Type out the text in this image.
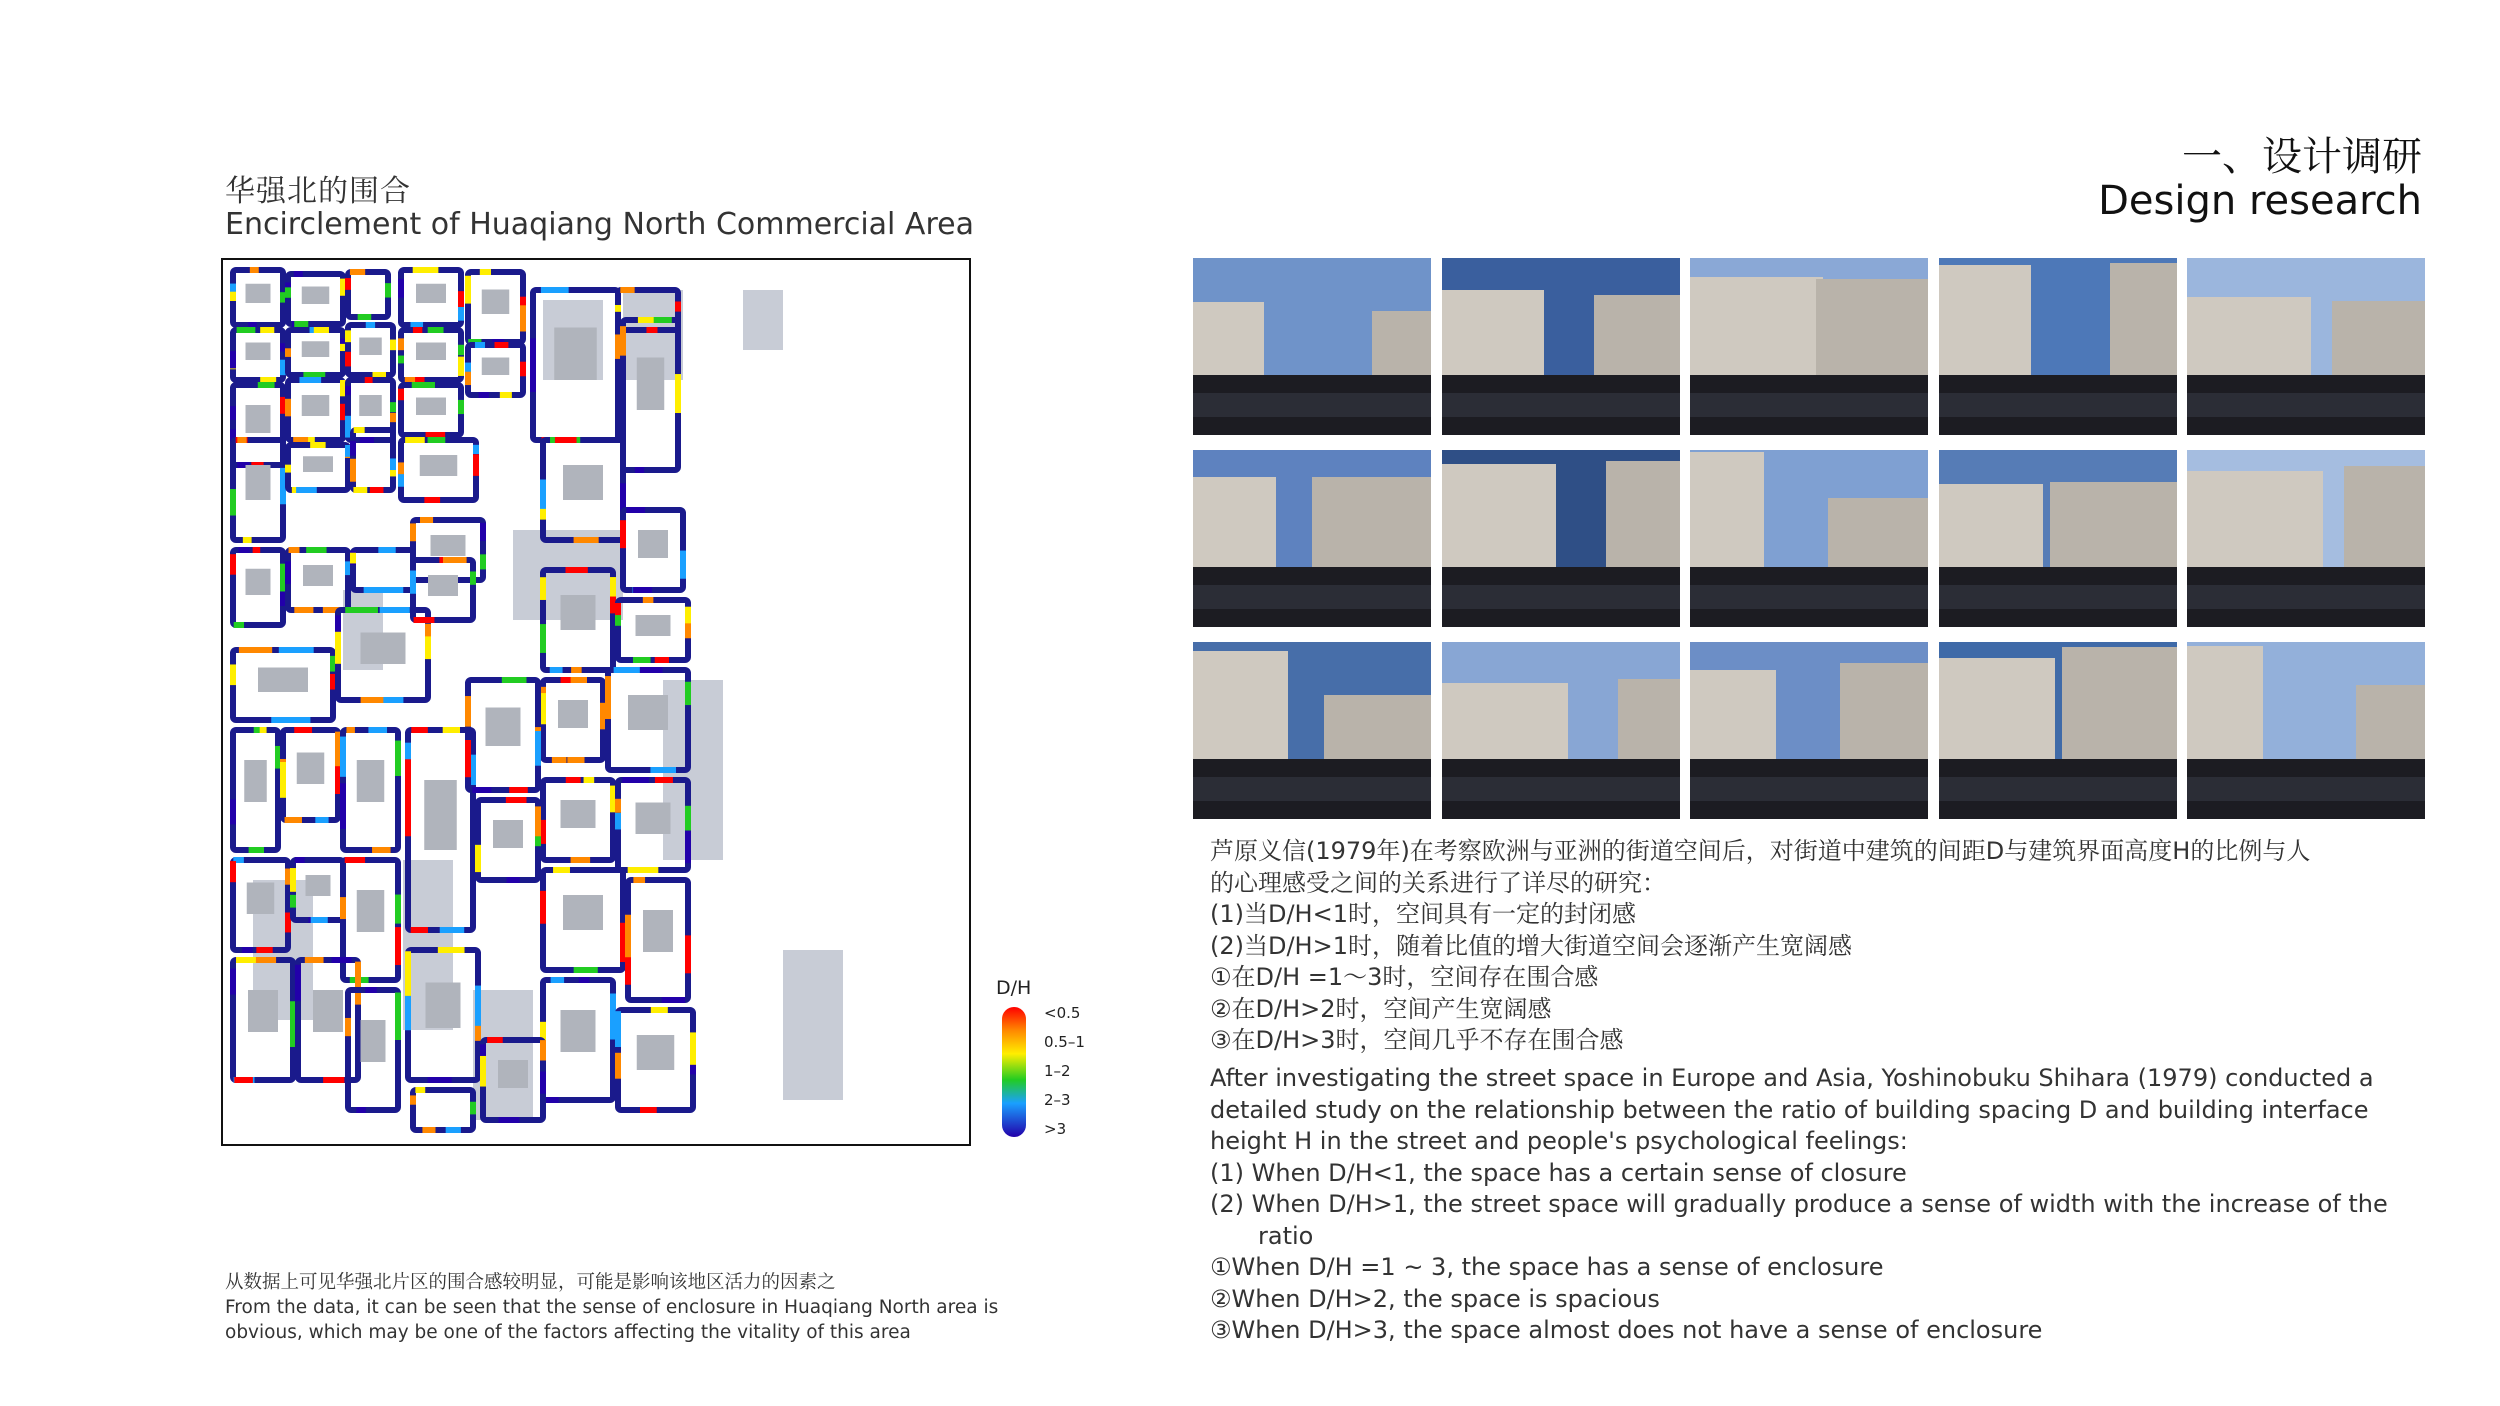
华强北的围合
Encirclement of Huaqiang North Commercial Area
一、设计调研
Design research
D/H
<0.5
0.5–1
1–2
2–3
>3
芦原义信(1979年)在考察欧洲与亚洲的街道空间后，对街道中建筑的间距D与建筑界面高度H的比例与人
的心理感受之间的关系进行了详尽的研究：
(1)当D/H<1时，空间具有一定的封闭感
(2)当D/H>1时，随着比值的增大街道空间会逐渐产生宽阔感
①在D/H =1～3时，空间存在围合感
②在D/H>2时，空间产生宽阔感
③在D/H>3时，空间几乎不存在围合感
After investigating the street space in Europe and Asia, Yoshinobuku Shihara (1979) conducted a
detailed study on the relationship between the ratio of building spacing D and building interface
height H in the street and people's psychological feelings:
(1) When D/H<1, the space has a certain sense of closure
(2) When D/H>1, the street space will gradually produce a sense of width with the increase of the
ratio
①When D/H =1 ~ 3, the space has a sense of enclosure
②When D/H>2, the space is spacious
③When D/H>3, the space almost does not have a sense of enclosure
从数据上可见华强北片区的围合感较明显，可能是影响该地区活力的因素之
From the data, it can be seen that the sense of enclosure in Huaqiang North area is
obvious, which may be one of the factors affecting the vitality of this area
